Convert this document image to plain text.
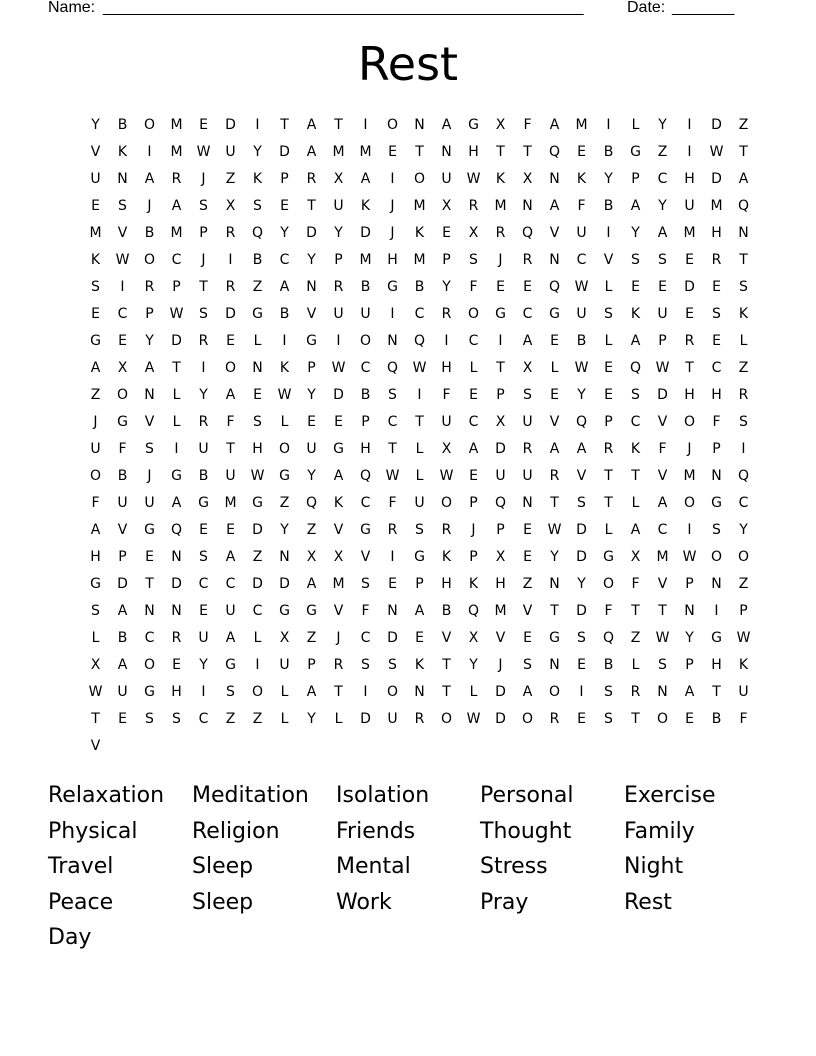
Name: ______________________________________________________	Date: _______
Rest
Y	B	O	M	E	D	I	T	A	T	I	O	N	A	G	X	F	A	M	I	L	Y	I	D	Z
V	K	I	M	W	U	Y	D	A	M	M	E	T	N	H	T	T	Q	E	B	G	Z	I	W	T
U	N	A	R	J	Z	K	P	R	X	A	I	O	U	W	K	X	N	K	Y	P	C	H	D	A
E	S	J	A	S	X	S	E	T	U	K	J	M	X	R	M	N	A	F	B	A	Y	U	M	Q
M	V	B	M	P	R	Q	Y	D	Y	D	J	K	E	X	R	Q	V	U	I	Y	A	M	H	N
K	W	O	C	J	I	B	C	Y	P	M	H	M	P	S	J	R	N	C	V	S	S	E	R	T
S	I	R	P	T	R	Z	A	N	R	B	G	B	Y	F	E	E	Q	W	L	E	E	D	E	S
E	C	P	W	S	D	G	B	V	U	U	I	C	R	O	G	C	G	U	S	K	U	E	S	K
G	E	Y	D	R	E	L	I	G	I	O	N	Q	I	C	I	A	E	B	L	A	P	R	E	L
A	X	A	T	I	O	N	K	P	W	C	Q	W	H	L	T	X	L	W	E	Q	W	T	C	Z
Z	O	N	L	Y	A	E	W	Y	D	B	S	I	F	E	P	S	E	Y	E	S	D	H	H	R
J	G	V	L	R	F	S	L	E	E	P	C	T	U	C	X	U	V	Q	P	C	V	O	F	S
U	F	S	I	U	T	H	O	U	G	H	T	L	X	A	D	R	A	A	R	K	F	J	P	I
O	B	J	G	B	U	W	G	Y	A	Q	W	L	W	E	U	U	R	V	T	T	V	M	N	Q
F	U	U	A	G	M	G	Z	Q	K	C	F	U	O	P	Q	N	T	S	T	L	A	O	G	C
A	V	G	Q	E	E	D	Y	Z	V	G	R	S	R	J	P	E	W	D	L	A	C	I	S	Y
H	P	E	N	S	A	Z	N	X	X	V	I	G	K	P	X	E	Y	D	G	X	M	W	O	O
G	D	T	D	C	C	D	D	A	M	S	E	P	H	K	H	Z	N	Y	O	F	V	P	N	Z
S	A	N	N	E	U	C	G	G	V	F	N	A	B	Q	M	V	T	D	F	T	T	N	I	P
L	B	C	R	U	A	L	X	Z	J	C	D	E	V	X	V	E	G	S	Q	Z	W	Y	G	W
X	A	O	E	Y	G	I	U	P	R	S	S	K	T	Y	J	S	N	E	B	L	S	P	H	K
W	U	G	H	I	S	O	L	A	T	I	O	N	T	L	D	A	O	I	S	R	N	A	T	U
T	E	S	S	C	Z	Z	L	Y	L	D	U	R	O	W	D	O	R	E	S	T	O	E	B	F
V
Relaxation	Meditation	Isolation	Personal	Exercise
Physical	Religion	Friends	Thought	Family
Travel	Sleep	Mental	Stress	Night
Peace	Sleep	Work	Pray	Rest
Day
